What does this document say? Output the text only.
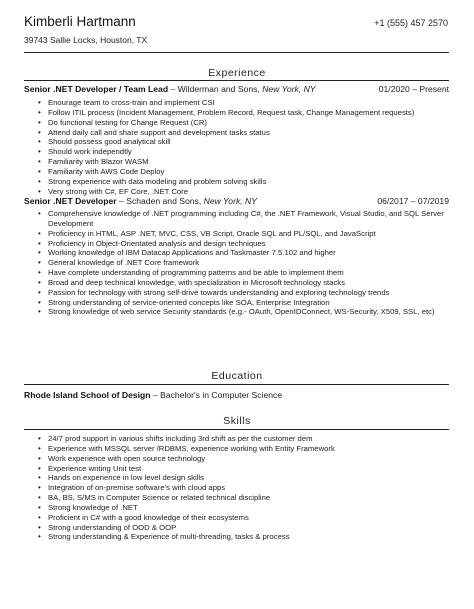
Kimberli Hartmann
39743 Sallie Locks, Houston, TX
+1 (555) 457 2570
Experience
Senior .NET Developer / Team Lead – Wilderman and Sons, New York, NY	01/2020 – Present
• Enourage team to cross-train and implement CSI
• Follow ITIL process (Incident Management, Problem Record, Request task, Change Management requests)
• Do functional testing for Change Request (CR)
• Attend daily call and share support and development tasks status
• Should possess good analytical skill
• Should work independtly
• Familiarity with Blazor WASM
• Familiarity with AWS Code Deploy
• Strong experience with data modeling and problem solving skills
• Very strong with C#, EF Core, .NET Core
Senior .NET Developer – Schaden and Sons, New York, NY	06/2017 – 07/2019
• Comprehensive knowledge of .NET programming including C#, the .NET Framework, Visual Studio, and SQL Server Development
• Proficiency in HTML, ASP .NET, MVC, CSS, VB Script, Oracle SQL and PL/SQL, and JavaScript
• Proficiency in Object-Orientated analysis and design techniques
• Working knowledge of IBM Datacap Applications and Taskmaster 7.5.102 and higher
• General knowledge of .NET Core framework
• Have complete understanding of programming patterns and be able to implement them
• Broad and deep technical knowledge, with specialization in Microsoft technology stacks
• Passion for technology with strong self-drive towards understanding and exploring technology trends
• Strong understanding of service-oriented concepts like SOA, Enterprise Integration
• Strong knowledge of web service Security standards (e.g.- OAuth, OpenIDConnect, WS-Security, X509, SSL, etc)
Education
Rhode Island School of Design – Bachelor's in Computer Science
Skills
• 24/7 prod support in various shifts including 3rd shift as per the customer dem
• Experience with MSSQL server /RDBMS, experience working with Entity Framework
• Work experience with open source technology
• Experience writing Unit test
• Hands on experience in low level design skills
• Integration of on-premise software's with cloud apps
• BA, BS, S/MS in Computer Science or related technical discipline
• Strong knowledge of .NET
• Proficient in C# with a good knowledge of their ecosystems
• Strong understanding of OOD & OOP
• Strong understanding & Experience of multi-threading, tasks & process
